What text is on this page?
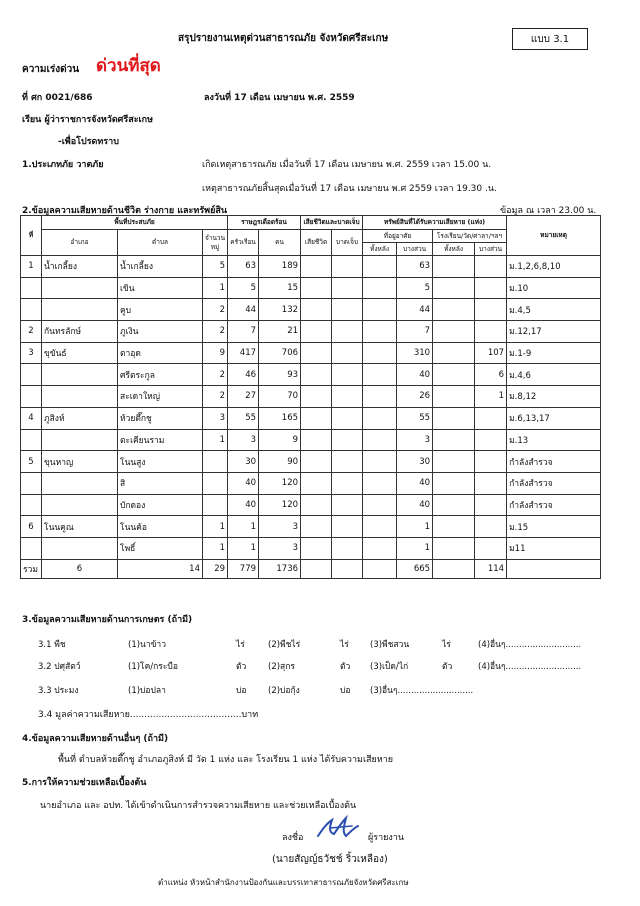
สรุปรายงานเหตุด่วนสาธารณภัย จังหวัดศรีสะเกษ	แบบ 3.1
ความเร่งด่วน ด่วนที่สุด
ที่ ศก 0021/686	ลงวันที่ 17 เดือน เมษายน พ.ศ. 2559
เรียน ผู้ว่าราชการจังหวัดศรีสะเกษ
-เพื่อโปรดทราบ
1.ประเภทภัย วาตภัย	เกิดเหตุสาธารณภัย เมื่อวันที่ 17 เดือน เมษายน พ.ศ. 2559 เวลา 15.00 น.
เหตุสาธารณภัยสิ้นสุดเมื่อวันที่ 17 เดือน เมษายน พ.ศ 2559 เวลา 19.30 .น.
2.ข้อมูลความเสียหายด้านชีวิต ร่างกาย และทรัพย์สิน	ข้อมูล ณ เวลา 23.00 น.
ที่	พื้นที่ประสบภัย			ราษฎรเดือดร้อน		เสียชีวิตและบาดเจ็บ		ทรัพย์สินที่ได้รับความเสียหาย (แห่ง)				หมายเหตุ
	อำเภอ	ตำบล	จำนวน หมู่	ครัวเรือน	คน	เสียชีวิต	บาดเจ็บ	ที่อยู่อาศัย		โรงเรียน/วัด/ศาลา/ฯลฯ		
								ทั้งหลัง	บางส่วน	ทั้งหลัง	บางส่วน	
1	น้ำเกลี้ยง	น้ำเกลี้ยง	5	63	189				63			ม.1,2,6,8,10
		เขิน	1	5	15				5			ม.10
		คูบ	2	44	132				44			ม.4,5
2	กันทรลักษ์	ภูเงิน	2	7	21				7			ม.12,17
3	ขุขันธ์	ตาอุด	9	417	706				310		107	ม.1-9
		ศรีตระกูล	2	46	93				40		6	ม.4,6
		สะเดาใหญ่	2	27	70				26		1	ม.8,12
4	ภูสิงห์	ห้วยตึ๊กชู	3	55	165				55			ม.6,13,17
		ตะเคียนราม	1	3	9				3			ม.13
5	ขุนหาญ	โนนสูง		30	90				30			กำลังสำรวจ
		สิ		40	120				40			กำลังสำรวจ
		บักดอง		40	120				40			กำลังสำรวจ
6	โนนคูณ	โนนค้อ	1	1	3				1			ม.15
		โพธิ์	1	1	3				1			ม11
รวม	6	14	29	779	1736				665		114	
3.ข้อมูลความเสียหายด้านการเกษตร (ถ้ามี)
3.1 พืช	(1)นาข้าว	ไร่	(2)พืชไร่	ไร่ (3)พืชสวน	ไร่	(4)อื่นๆ............................
3.2 ปศุสัตว์	(1)โค/กระบือ	ตัว	(2)สุกร	ตัว (3)เป็ด/ไก่	ตัว	(4)อื่นๆ............................
3.3 ประมง	(1)บ่อปลา	บ่อ	(2)บ่อกุ้ง	บ่อ (3)อื่นๆ............................
3.4 มูลค่าความเสียหาย.......................................บาท
4.ข้อมูลความเสียหายด้านอื่นๆ (ถ้ามี)
พื้นที่ ตำบลห้วยตึ๊กชู อำเภอภูสิงห์ มี วัด 1 แห่ง และ โรงเรียน 1 แห่ง ได้รับความเสียหาย
5.การให้ความช่วยเหลือเบื้องต้น
นายอำเภอ และ อปท. ได้เข้าดำเนินการสำรวจความเสียหาย และช่วยเหลือเบื้องต้น
ลงชื่อ	ผู้รายงาน
(นายสัญญ์ธวัชช์ ริ้วเหลือง)
ตำแหน่ง หัวหน้าสำนักงานป้องกันและบรรเทาสาธารณภัยจังหวัดศรีสะเกษ
